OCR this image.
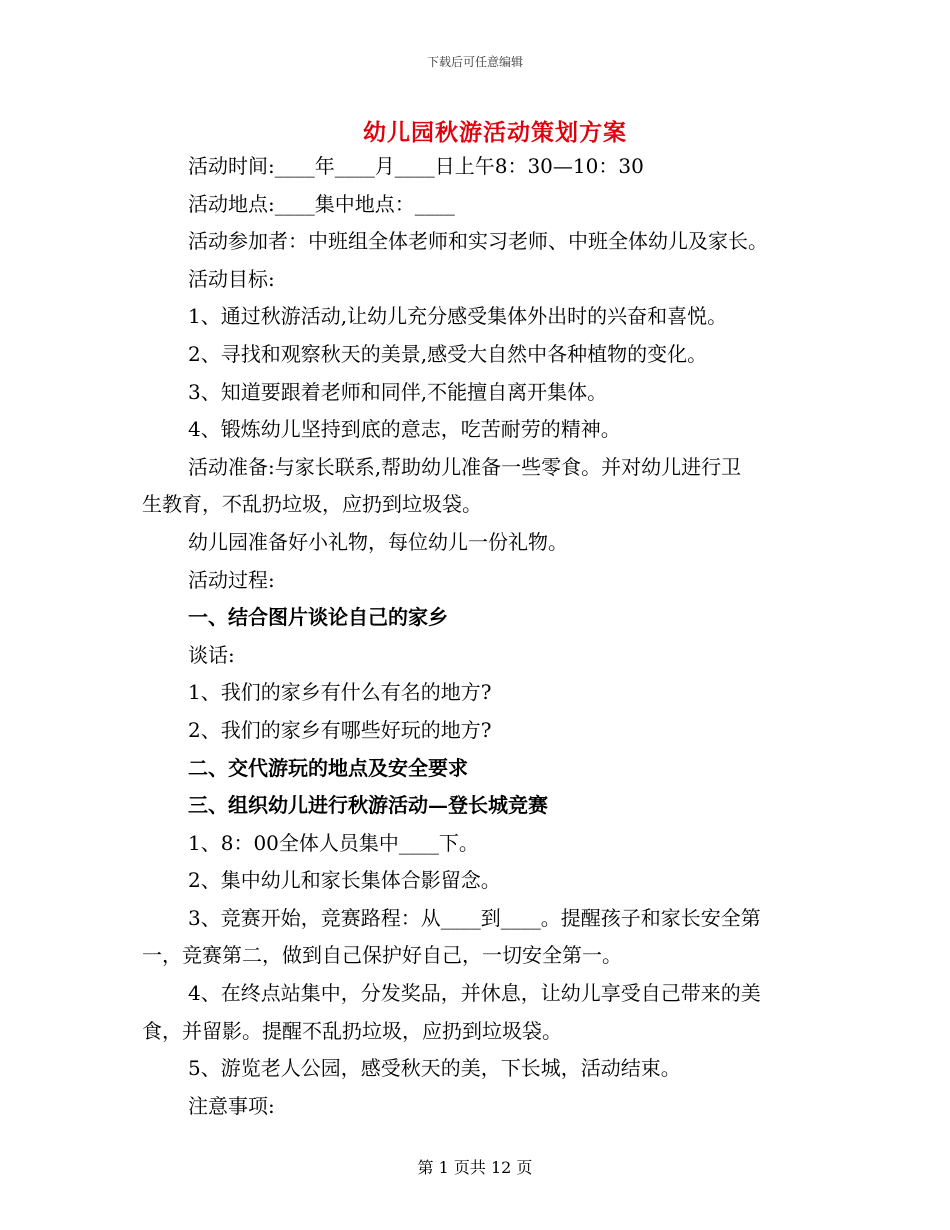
下载后可任意编辑
幼儿园秋游活动策划方案
活动时间:____年____月____日上午8：30—10：30
活动地点:____集中地点：____
活动参加者：中班组全体老师和实习老师、中班全体幼儿及家长。
活动目标:
1、通过秋游活动,让幼儿充分感受集体外出时的兴奋和喜悦。
2、寻找和观察秋天的美景,感受大自然中各种植物的变化。
3、知道要跟着老师和同伴,不能擅自离开集体。
4、锻炼幼儿坚持到底的意志，吃苦耐劳的精神。
活动准备:与家长联系,帮助幼儿准备一些零食。并对幼儿进行卫
生教育，不乱扔垃圾，应扔到垃圾袋。
幼儿园准备好小礼物，每位幼儿一份礼物。
活动过程:
一、结合图片谈论自己的家乡
谈话:
1、我们的家乡有什么有名的地方?
2、我们的家乡有哪些好玩的地方?
二、交代游玩的地点及安全要求
三、组织幼儿进行秋游活动—登长城竞赛
1、8：00全体人员集中____下。
2、集中幼儿和家长集体合影留念。
3、竞赛开始，竞赛路程：从____到____。提醒孩子和家长安全第
一，竞赛第二，做到自己保护好自己，一切安全第一。
4、在终点站集中，分发奖品，并休息，让幼儿享受自己带来的美
食，并留影。提醒不乱扔垃圾，应扔到垃圾袋。
5、游览老人公园，感受秋天的美，下长城，活动结束。
注意事项:
第 1 页共 12 页
